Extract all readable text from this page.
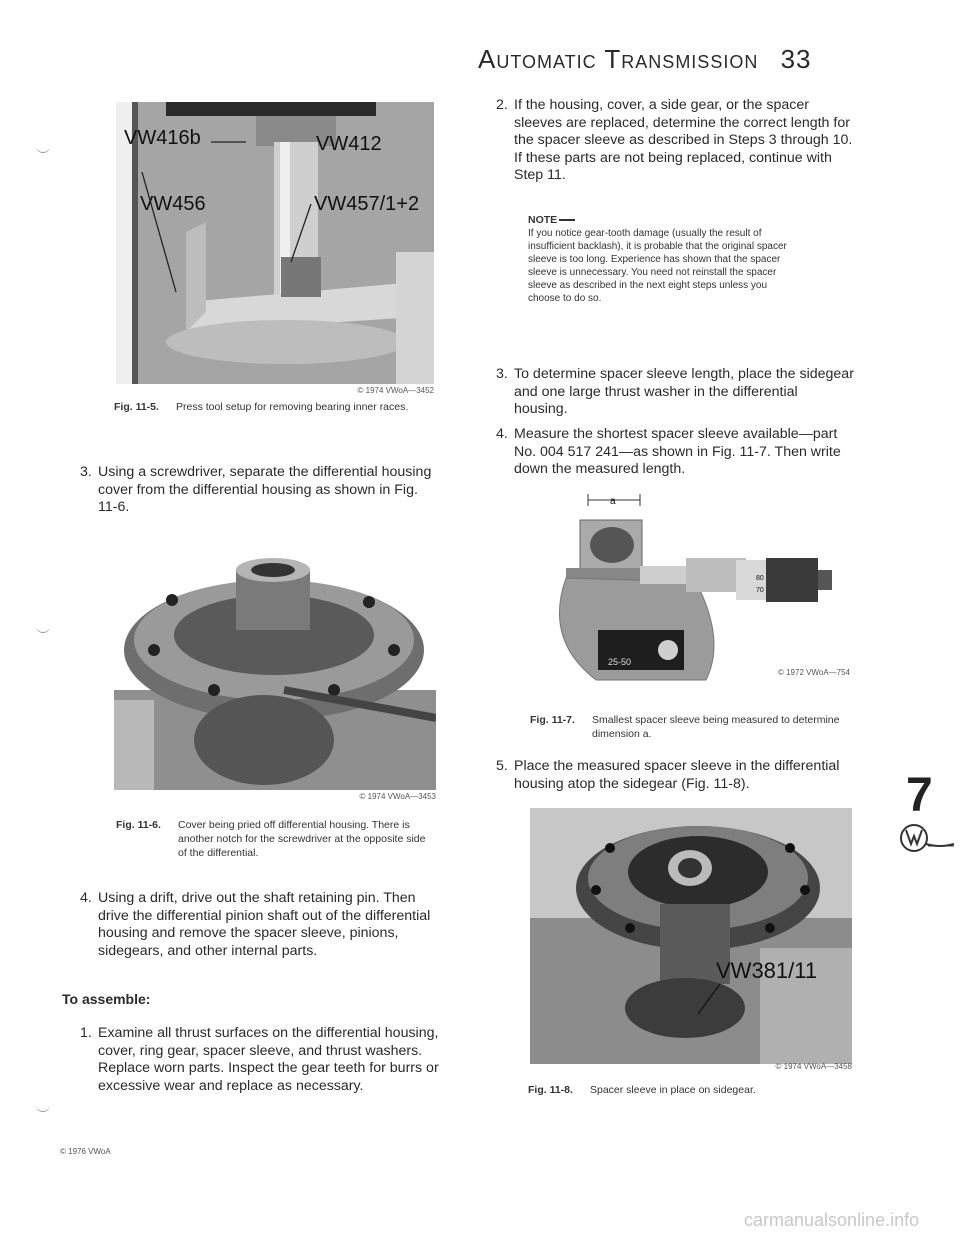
Automatic Transmission 33
VW416b	VW412
VW456	VW457/1+2
© 1974 VWoA—3452
Fig. 11-5. Press tool setup for removing bearing inner races.
3. Using a screwdriver, separate the differential housing cover from the differential housing as shown in Fig. 11-6.
© 1974 VWoA—3453
Fig. 11-6. Cover being pried off differential housing. There is another notch for the screwdriver at the opposite side of the differential.
4. Using a drift, drive out the shaft retaining pin. Then drive the differential pinion shaft out of the differential housing and remove the spacer sleeve, pinions, sidegears, and other internal parts.
To assemble:
1. Examine all thrust surfaces on the differential housing, cover, ring gear, spacer sleeve, and thrust washers. Replace worn parts. Inspect the gear teeth for burrs or excessive wear and replace as necessary.
© 1976 VWoA
2. If the housing, cover, a side gear, or the spacer sleeves are replaced, determine the correct length for the spacer sleeve as described in Steps 3 through 10. If these parts are not being replaced, continue with Step 11.
NOTE
If you notice gear-tooth damage (usually the result of insufficient backlash), it is probable that the original spacer sleeve is too long. Experience has shown that the spacer sleeve is unnecessary. You need not reinstall the spacer sleeve as described in the next eight steps unless you choose to do so.
3. To determine spacer sleeve length, place the sidegear and one large thrust washer in the differential housing.
4. Measure the shortest spacer sleeve available—part No. 004 517 241—as shown in Fig. 11-7. Then write down the measured length.
a
80
70
25-50
© 1972 VWoA—754
Fig. 11-7. Smallest spacer sleeve being measured to determine dimension a.
5. Place the measured spacer sleeve in the differential housing atop the sidegear (Fig. 11-8).
VW381/11
© 1974 VWoA—3458
Fig. 11-8. Spacer sleeve in place on sidegear.
7
carmanualsonline.info
